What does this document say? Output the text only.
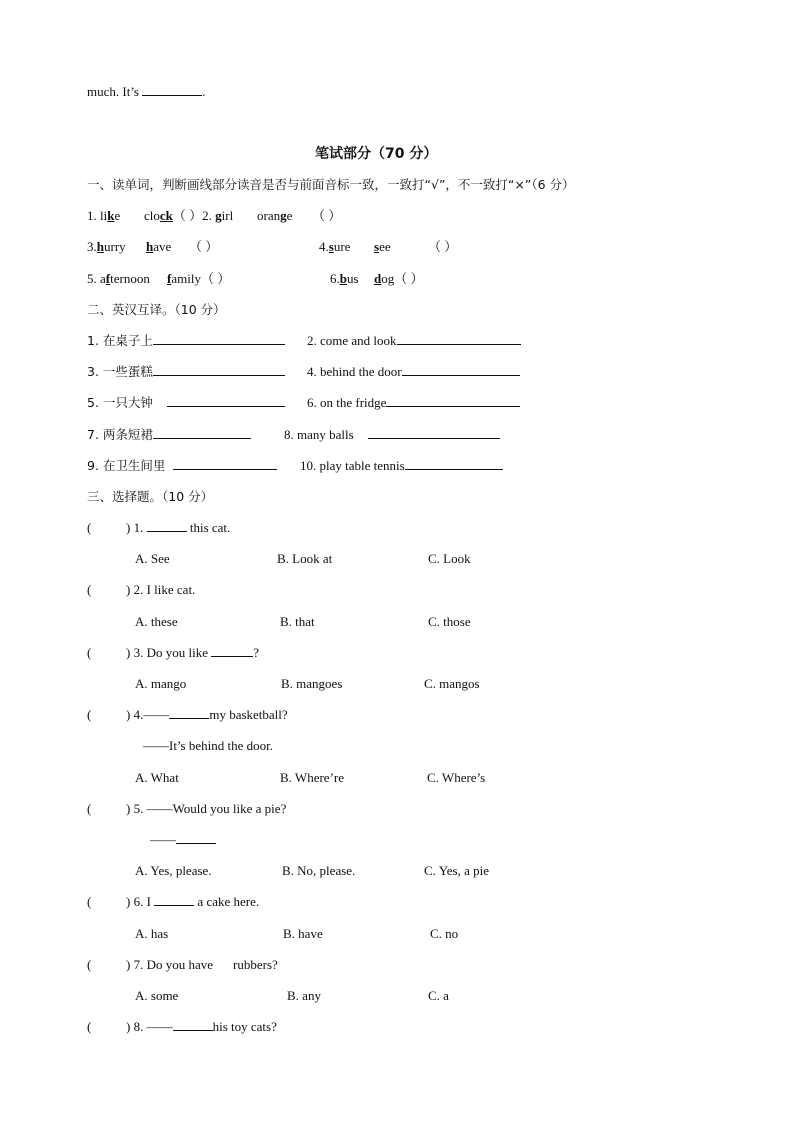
much. It’s	.
笔试部分（70 分）
一、读单词，判断画线部分读音是否与前面音标一致，一致打“√”，不一致打“×”（6 分）
1. like clock（ ）2. girl orange （ ）
3.hurry have （ ）	4.sure see	（ ）
5. afternoon family（ ）	6.bus dog（ ）
二、英汉互译。（10 分）
1. 在桌子上	2. come and look
3. 一些蛋糕	4. behind the door
5. 一只大钟	6. on the fridge
7. 两条短裙	8. many balls
9. 在卫生间里	10. play table tennis
三、选择题。（10 分）
(	) 1.	this cat.
A. See	B. Look at	C. Look
(	) 2. I like cat.
A. these	B. that	C. those
(	) 3. Do you like	?
A. mango	B. mangoes	C. mangos
(	) 4.——	my basketball?
——It’s behind the door.
A. What	B. Where’re	C. Where’s
(	) 5. ——Would you like a pie?
——
A. Yes, please.	B. No, please.	C. Yes, a pie
(	) 6. I	a cake here.
A. has	B. have	C. no
(	) 7. Do you have rubbers?
A. some	B. any	C. a
(	) 8. ——	his toy cats?
